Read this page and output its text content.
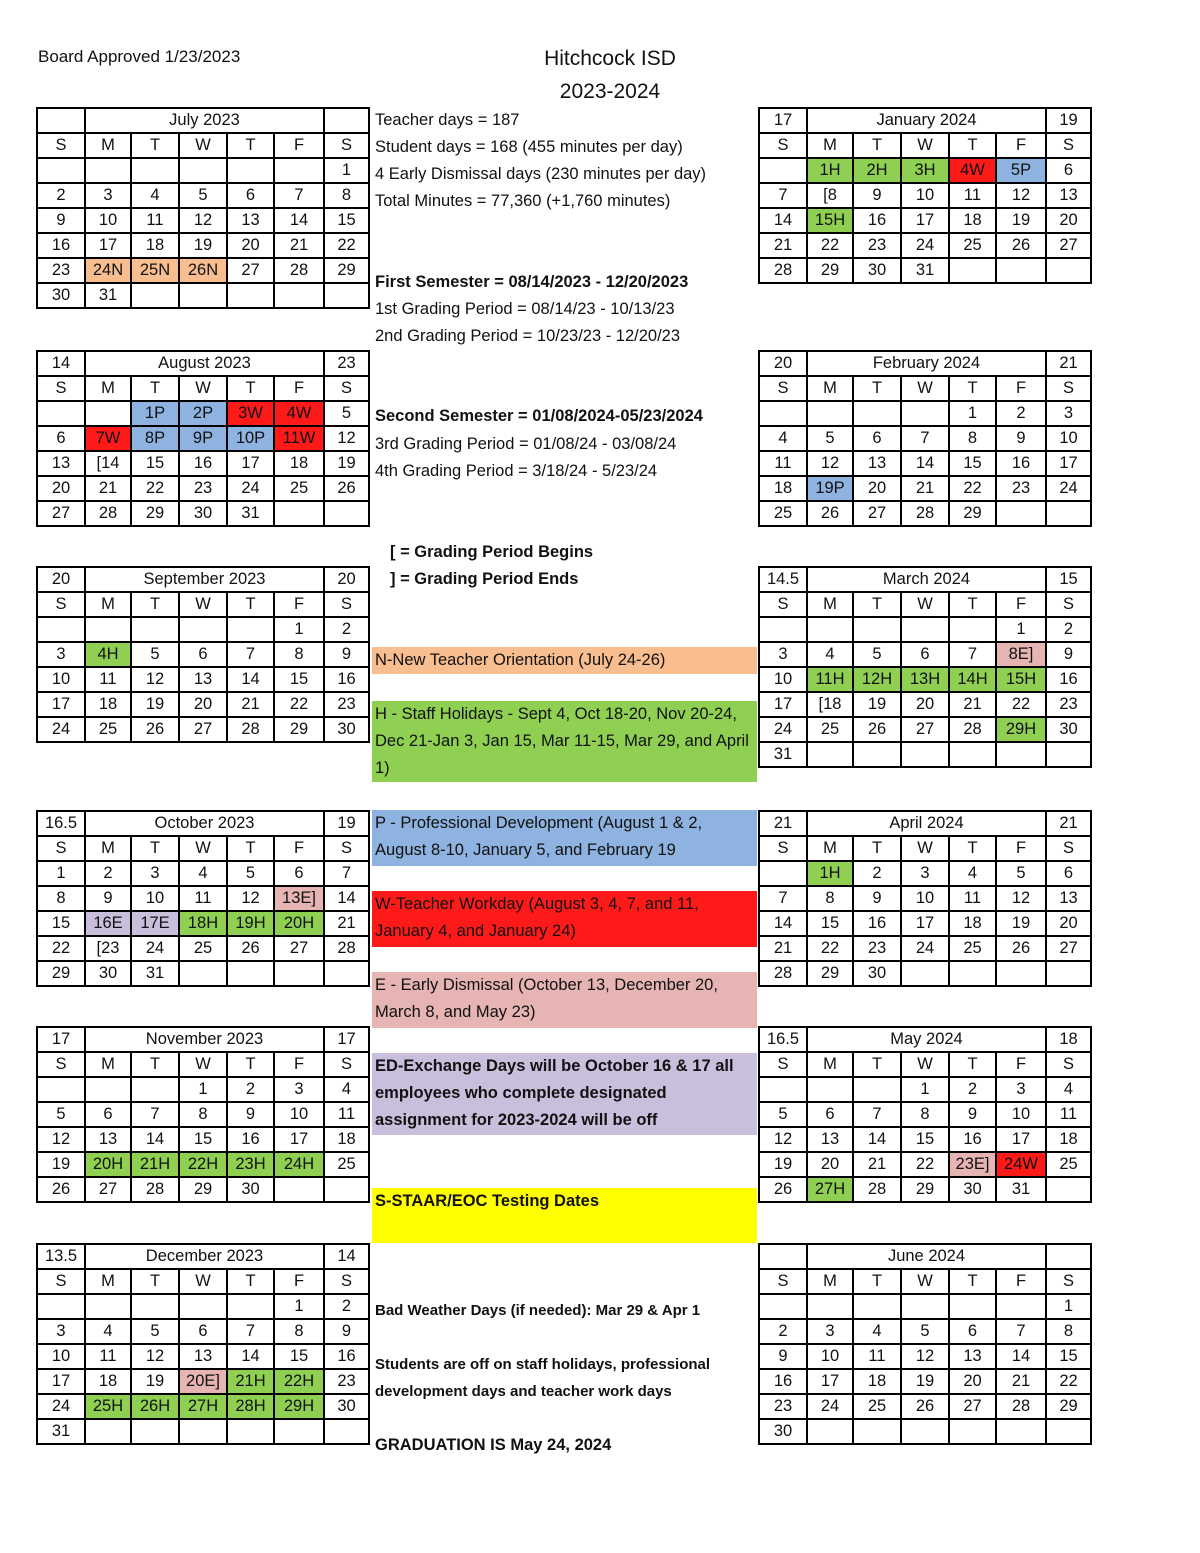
Board Approved 1/23/2023	Hitchcock ISD
2023-2024
	July 2023					
S	M	T	W	T	F	S
						1
2	3	4	5	6	7	8
9	10	11	12	13	14	15
16	17	18	19	20	21	22
23	24N	25N	26N	27	28	29
30	31					
17	January 2024					19
S	M	T	W	T	F	S
	1H	2H	3H	4W	5P	6
7	[8	9	10	11	12	13
14	15H	16	17	18	19	20
21	22	23	24	25	26	27
28	29	30	31			
14	August 2023					23
S	M	T	W	T	F	S
		1P	2P	3W	4W	5
6	7W	8P	9P	10P	11W	12
13	[14	15	16	17	18	19
20	21	22	23	24	25	26
27	28	29	30	31		
20	February 2024					21
S	M	T	W	T	F	S
				1	2	3
4	5	6	7	8	9	10
11	12	13	14	15	16	17
18	19P	20	21	22	23	24
25	26	27	28	29		
20	September 2023					20
S	M	T	W	T	F	S
					1	2
3	4H	5	6	7	8	9
10	11	12	13	14	15	16
17	18	19	20	21	22	23
24	25	26	27	28	29	30
14.5	March 2024					15
S	M	T	W	T	F	S
					1	2
3	4	5	6	7	8E]	9
10	11H	12H	13H	14H	15H	16
17	[18	19	20	21	22	23
24	25	26	27	28	29H	30
31						
16.5	October 2023					19
S	M	T	W	T	F	S
1	2	3	4	5	6	7
8	9	10	11	12	13E]	14
15	16E	17E	18H	19H	20H	21
22	[23	24	25	26	27	28
29	30	31				
21	April 2024					21
S	M	T	W	T	F	S
	1H	2	3	4	5	6
7	8	9	10	11	12	13
14	15	16	17	18	19	20
21	22	23	24	25	26	27
28	29	30				
17	November 2023					17
S	M	T	W	T	F	S
			1	2	3	4
5	6	7	8	9	10	11
12	13	14	15	16	17	18
19	20H	21H	22H	23H	24H	25
26	27	28	29	30		
16.5	May 2024					18
S	M	T	W	T	F	S
			1	2	3	4
5	6	7	8	9	10	11
12	13	14	15	16	17	18
19	20	21	22	23E]	24W	25
26	27H	28	29	30	31	
13.5	December 2023					14
S	M	T	W	T	F	S
					1	2
3	4	5	6	7	8	9
10	11	12	13	14	15	16
17	18	19	20E]	21H	22H	23
24	25H	26H	27H	28H	29H	30
31						
	June 2024					
S	M	T	W	T	F	S
						1
2	3	4	5	6	7	8
9	10	11	12	13	14	15
16	17	18	19	20	21	22
23	24	25	26	27	28	29
30						
Teacher days = 187
Student days = 168 (455 minutes per day)
4 Early Dismissal days (230 minutes per day)
Total Minutes = 77,360 (+1,760 minutes)
First Semester = 08/14/2023 - 12/20/2023
1st Grading Period = 08/14/23 - 10/13/23
2nd Grading Period = 10/23/23 - 12/20/23
Second Semester = 01/08/2024-05/23/2024
3rd Grading Period = 01/08/24 - 03/08/24
4th Grading Period = 3/18/24 - 5/23/24
[ = Grading Period Begins
] = Grading Period Ends
N-New Teacher Orientation (July 24-26)
H - Staff Holidays - Sept 4, Oct 18-20, Nov 20-24, Dec 21-Jan 3, Jan 15, Mar 11-15, Mar 29, and April 1)
P - Professional Development (August 1 & 2, August 8-10, January 5, and February 19
W-Teacher Workday (August 3, 4, 7, and 11, January 4, and January 24)
E - Early Dismissal (October 13, December 20, March 8, and May 23)
ED-Exchange Days will be October 16 & 17 all employees who complete designated assignment for 2023-2024 will be off
S-STAAR/EOC Testing Dates
Bad Weather Days (if needed): Mar 29 & Apr 1
Students are off on staff holidays, professional development days and teacher work days
GRADUATION IS May 24, 2024
